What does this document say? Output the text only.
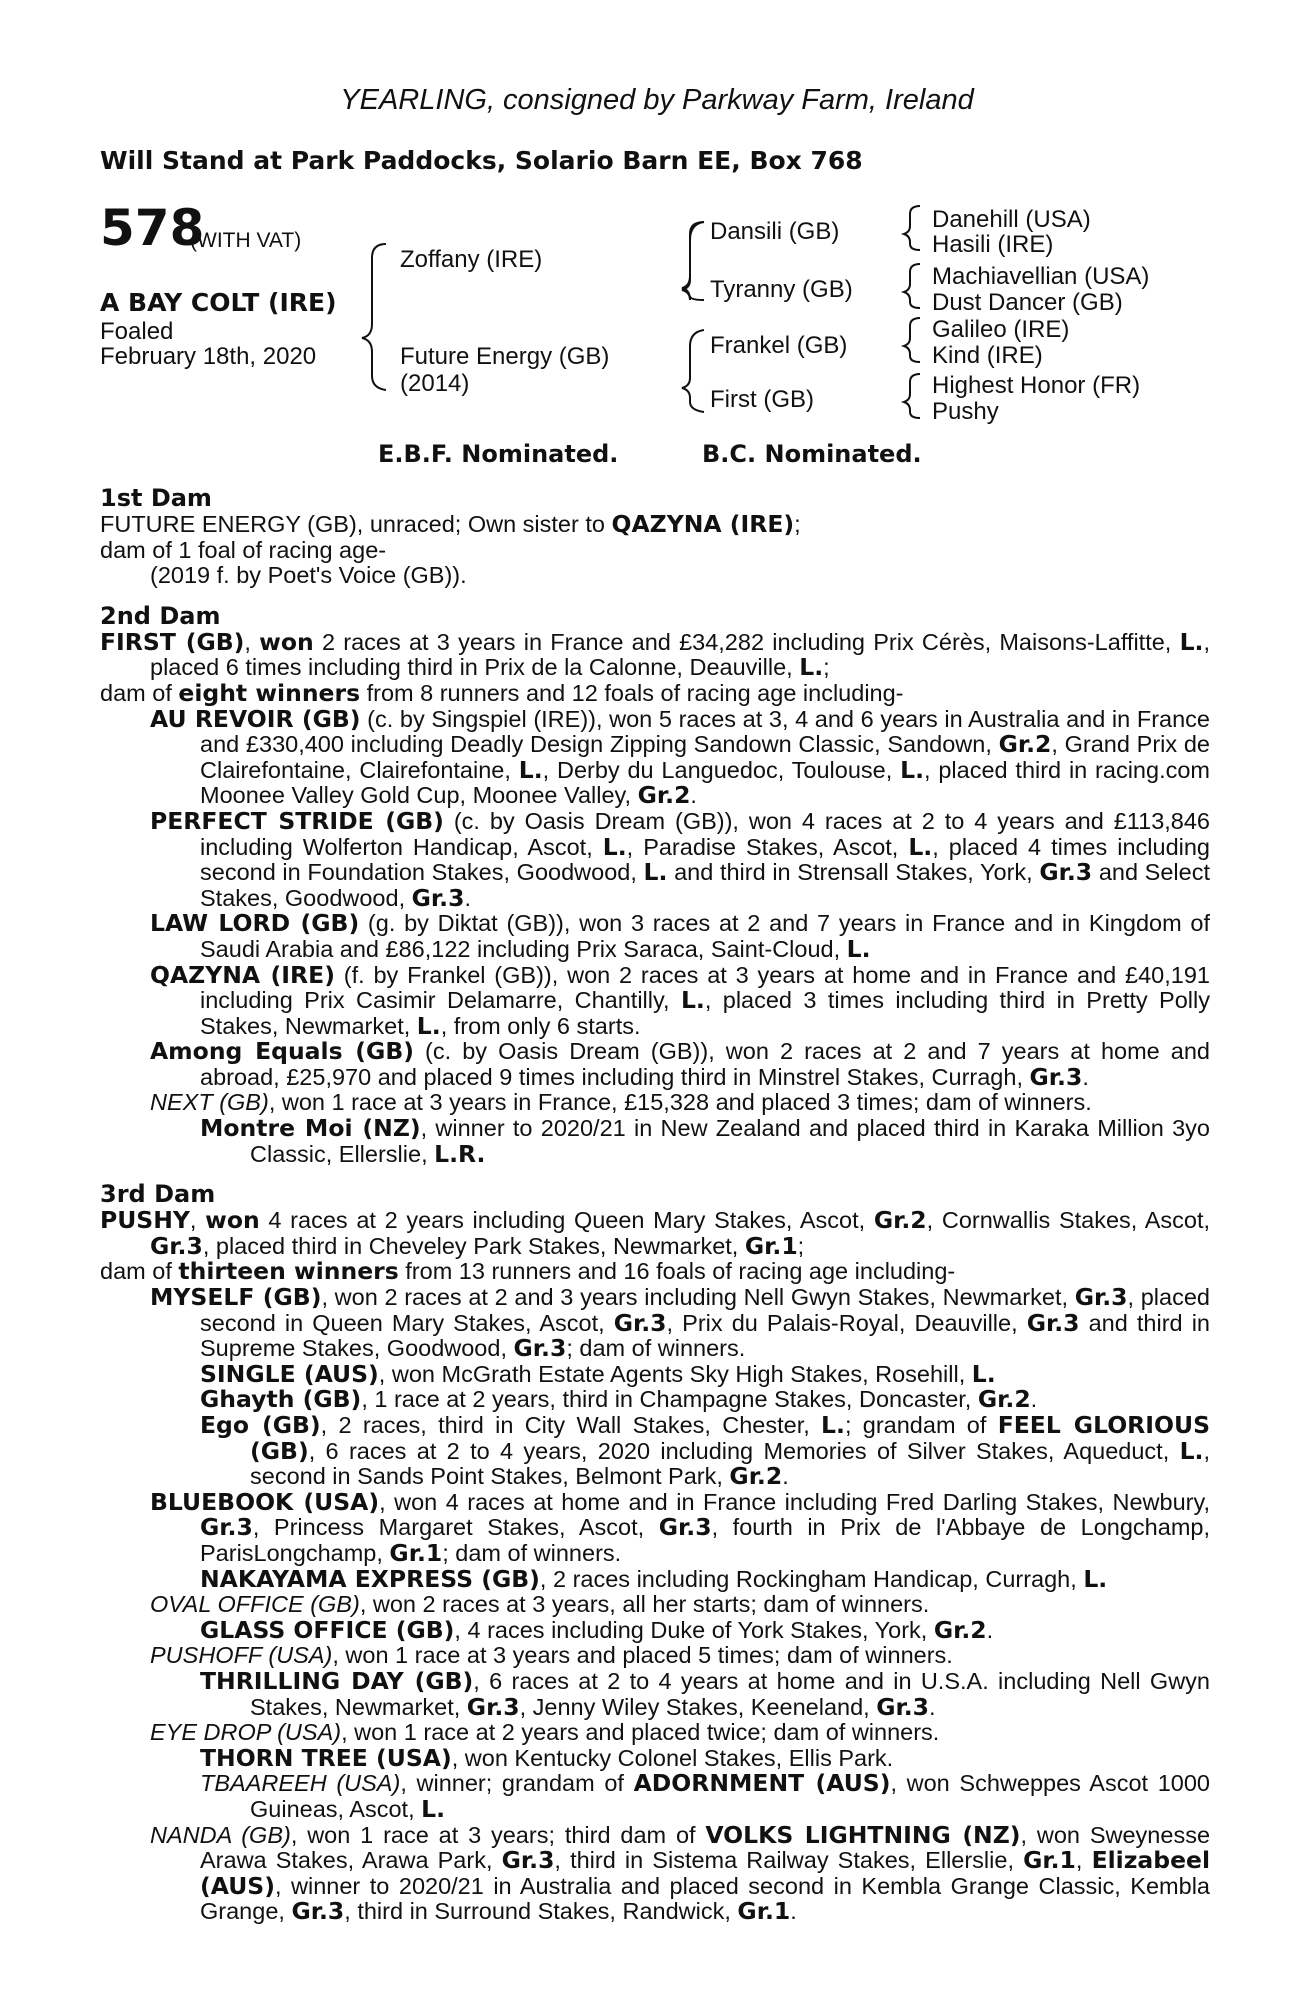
YEARLING, consigned by Parkway Farm, Ireland
Will Stand at Park Paddocks, Solario Barn EE, Box 768
578
(WITH VAT)
A BAY COLT (IRE)
Foaled
February 18th, 2020
Zoffany (IRE)
Future Energy (GB)
(2014)
Dansili (GB)
Tyranny (GB)
Frankel (GB)
First (GB)
Danehill (USA)
Hasili (IRE)
Machiavellian (USA)
Dust Dancer (GB)
Galileo (IRE)
Kind (IRE)
Highest Honor (FR)
Pushy
E.B.F. Nominated.	B.C. Nominated.
1st Dam
FUTURE ENERGY (GB), unraced; Own sister to QAZYNA (IRE);
dam of 1 foal of racing age-
(2019 f. by Poet's Voice (GB)).
2nd Dam
FIRST (GB), won 2 races at 3 years in France and £34,282 including Prix Cérès, Maisons-Laffitte, L., placed 6 times including third in Prix de la Calonne, Deauville, L.;
dam of eight winners from 8 runners and 12 foals of racing age including-
AU REVOIR (GB) (c. by Singspiel (IRE)), won 5 races at 3, 4 and 6 years in Australia and in France and £330,400 including Deadly Design Zipping Sandown Classic, Sandown, Gr.2, Grand Prix de Clairefontaine, Clairefontaine, L., Derby du Languedoc, Toulouse, L., placed third in racing.com Moonee Valley Gold Cup, Moonee Valley, Gr.2.
PERFECT STRIDE (GB) (c. by Oasis Dream (GB)), won 4 races at 2 to 4 years and £113,846 including Wolferton Handicap, Ascot, L., Paradise Stakes, Ascot, L., placed 4 times including second in Foundation Stakes, Goodwood, L. and third in Strensall Stakes, York, Gr.3 and Select Stakes, Goodwood, Gr.3.
LAW LORD (GB) (g. by Diktat (GB)), won 3 races at 2 and 7 years in France and in Kingdom of Saudi Arabia and £86,122 including Prix Saraca, Saint-Cloud, L.
QAZYNA (IRE) (f. by Frankel (GB)), won 2 races at 3 years at home and in France and £40,191 including Prix Casimir Delamarre, Chantilly, L., placed 3 times including third in Pretty Polly Stakes, Newmarket, L., from only 6 starts.
Among Equals (GB) (c. by Oasis Dream (GB)), won 2 races at 2 and 7 years at home and abroad, £25,970 and placed 9 times including third in Minstrel Stakes, Curragh, Gr.3.
NEXT (GB), won 1 race at 3 years in France, £15,328 and placed 3 times; dam of winners.
Montre Moi (NZ), winner to 2020/21 in New Zealand and placed third in Karaka Million 3yo Classic, Ellerslie, L.R.
3rd Dam
PUSHY, won 4 races at 2 years including Queen Mary Stakes, Ascot, Gr.2, Cornwallis Stakes, Ascot, Gr.3, placed third in Cheveley Park Stakes, Newmarket, Gr.1;
dam of thirteen winners from 13 runners and 16 foals of racing age including-
MYSELF (GB), won 2 races at 2 and 3 years including Nell Gwyn Stakes, Newmarket, Gr.3, placed second in Queen Mary Stakes, Ascot, Gr.3, Prix du Palais-Royal, Deauville, Gr.3 and third in Supreme Stakes, Goodwood, Gr.3; dam of winners.
SINGLE (AUS), won McGrath Estate Agents Sky High Stakes, Rosehill, L.
Ghayth (GB), 1 race at 2 years, third in Champagne Stakes, Doncaster, Gr.2.
Ego (GB), 2 races, third in City Wall Stakes, Chester, L.; grandam of FEEL GLORIOUS (GB), 6 races at 2 to 4 years, 2020 including Memories of Silver Stakes, Aqueduct, L., second in Sands Point Stakes, Belmont Park, Gr.2.
BLUEBOOK (USA), won 4 races at home and in France including Fred Darling Stakes, Newbury, Gr.3, Princess Margaret Stakes, Ascot, Gr.3, fourth in Prix de l'Abbaye de Longchamp, ParisLongchamp, Gr.1; dam of winners.
NAKAYAMA EXPRESS (GB), 2 races including Rockingham Handicap, Curragh, L.
OVAL OFFICE (GB), won 2 races at 3 years, all her starts; dam of winners.
GLASS OFFICE (GB), 4 races including Duke of York Stakes, York, Gr.2.
PUSHOFF (USA), won 1 race at 3 years and placed 5 times; dam of winners.
THRILLING DAY (GB), 6 races at 2 to 4 years at home and in U.S.A. including Nell Gwyn Stakes, Newmarket, Gr.3, Jenny Wiley Stakes, Keeneland, Gr.3.
EYE DROP (USA), won 1 race at 2 years and placed twice; dam of winners.
THORN TREE (USA), won Kentucky Colonel Stakes, Ellis Park.
TBAAREEH (USA), winner; grandam of ADORNMENT (AUS), won Schweppes Ascot 1000 Guineas, Ascot, L.
NANDA (GB), won 1 race at 3 years; third dam of VOLKS LIGHTNING (NZ), won Sweynesse Arawa Stakes, Arawa Park, Gr.3, third in Sistema Railway Stakes, Ellerslie, Gr.1, Elizabeel (AUS), winner to 2020/21 in Australia and placed second in Kembla Grange Classic, Kembla Grange, Gr.3, third in Surround Stakes, Randwick, Gr.1.
